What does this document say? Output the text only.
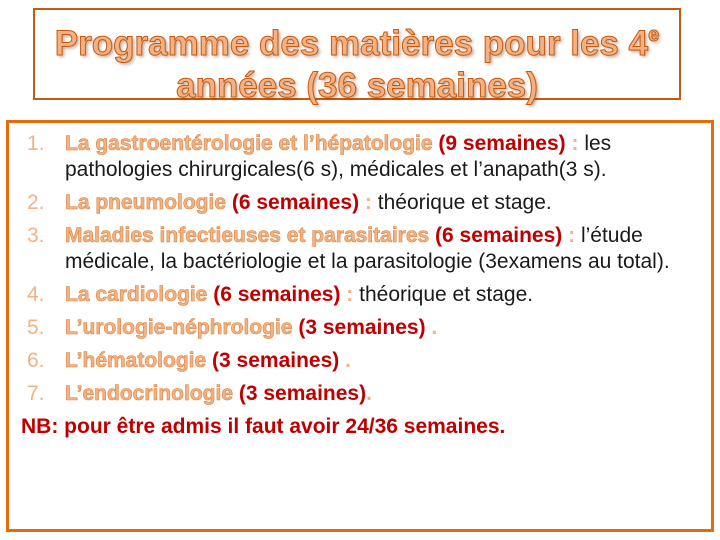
Programme des matières pour les 4e
années (36 semaines)
1. La gastroentérologie et l’hépatologie (9 semaines) : les pathologies chirurgicales(6 s), médicales et l’anapath(3 s).
2. La pneumologie (6 semaines) : théorique et stage.
3. Maladies infectieuses et parasitaires (6 semaines) : l’étude médicale, la bactériologie et la parasitologie (3examens au total).
4. La cardiologie (6 semaines) : théorique et stage.
5. L’urologie-néphrologie (3 semaines) .
6. L’hématologie (3 semaines) .
7. L’endocrinologie (3 semaines).
NB: pour être admis il faut avoir 24/36 semaines.
